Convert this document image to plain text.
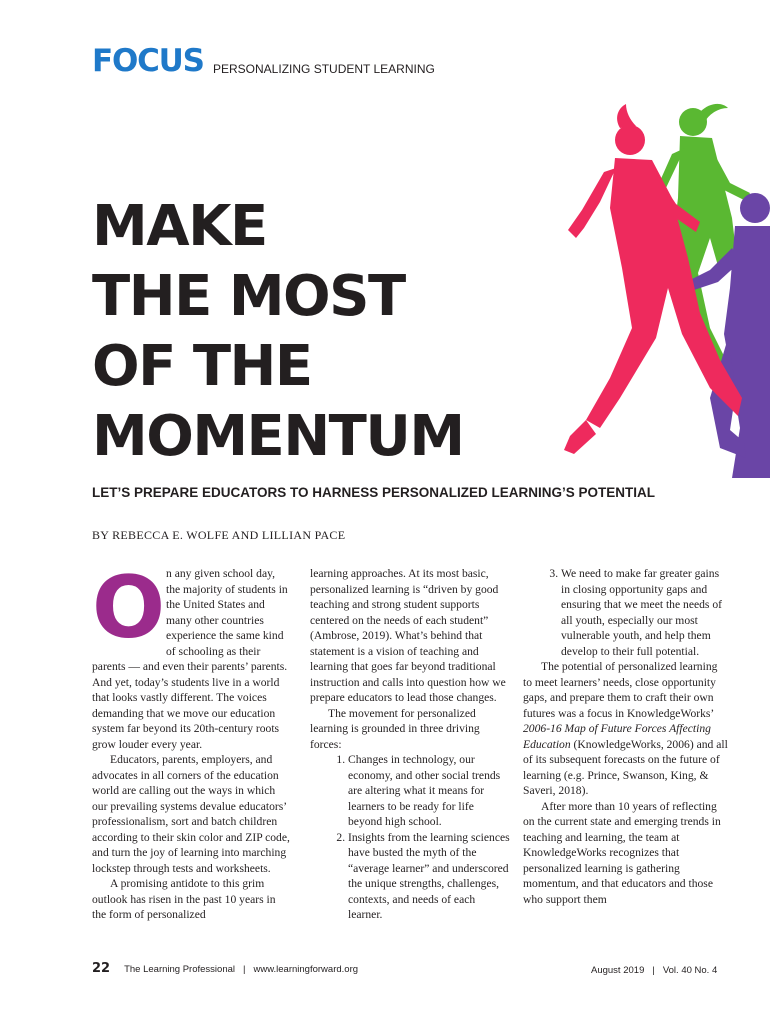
FOCUS PERSONALIZING STUDENT LEARNING
MAKE
THE MOST
OF THE
MOMENTUM
LET’S PREPARE EDUCATORS TO HARNESS PERSONALIZED LEARNING’S POTENTIAL
BY REBECCA E. WOLFE AND LILLIAN PACE
O n any given school day, the majority of students in the United States and many other countries experience the same kind of schooling as their parents — and even their parents’ parents. And yet, today’s students live in a world that looks vastly different. The voices demanding that we move our education system far beyond its 20th-century roots grow louder every year.

Educators, parents, employers, and advocates in all corners of the education world are calling out the ways in which our prevailing systems devalue educators’ professionalism, sort and batch children according to their skin color and ZIP code, and turn the joy of learning into marching lockstep through tests and worksheets.

A promising antidote to this grim outlook has risen in the past 10 years in the form of personalized

learning approaches. At its most basic, personalized learning is “driven by good teaching and strong student supports centered on the needs of each student” (Ambrose, 2019). What’s behind that statement is a vision of teaching and learning that goes far beyond traditional instruction and calls into question how we prepare educators to lead those changes.

The movement for personalized learning is grounded in three driving forces:

1. Changes in technology, our economy, and other social trends are altering what it means for learners to be ready for life beyond high school.
2. Insights from the learning sciences have busted the myth of the “average learner” and underscored the unique strengths, challenges, contexts, and needs of each learner.
3. We need to make far greater gains in closing opportunity gaps and ensuring that we meet the needs of all youth, especially our most vulnerable youth, and help them develop to their full potential.

The potential of personalized learning to meet learners’ needs, close opportunity gaps, and prepare them to craft their own futures was a focus in KnowledgeWorks’ 2006-16 Map of Future Forces Affecting Education (KnowledgeWorks, 2006) and all of its subsequent forecasts on the future of learning (e.g. Prince, Swanson, King, & Saveri, 2018).

After more than 10 years of reflecting on the current state and emerging trends in teaching and learning, the team at KnowledgeWorks recognizes that personalized learning is gathering momentum, and that educators and those who support them

22 The Learning Professional | www.learningforward.org	August 2019 | Vol. 40 No. 4
